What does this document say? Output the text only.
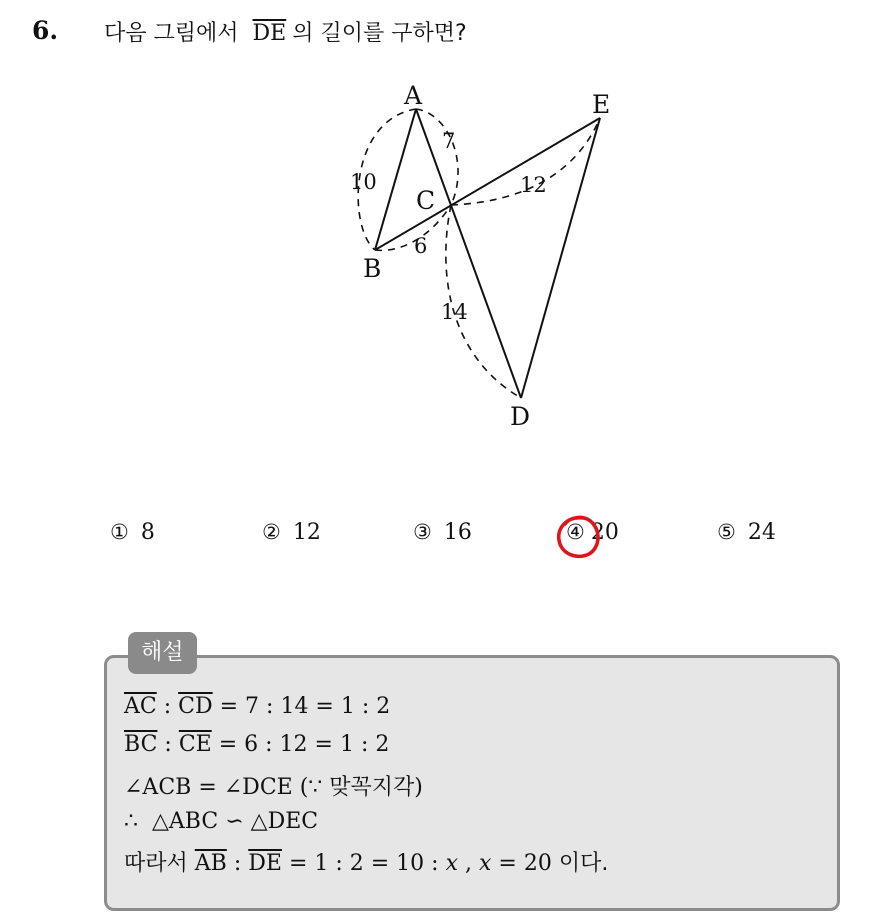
6. 다음 그림에서 $\overline{DE}$ 의 길이를 구하면?
A
B
C
D
E
10
7
6
12
14
① 8	② 12	③ 16	④ 20	⑤ 24
해설
$\overline{AC}$ : $\overline{CD} = 7$ : 14 = 1 : 2
$\overline{BC}$ : $\overline{CE} = 6$ : 12 = 1 : 2
∠ACB = ∠DCE (∵ 맞꼭지각)
∴ △ABC ∽ △DEC
따라서 $\overline{AB}$ : $\overline{DE} = 1$ : 2 = 10 : x , x = 20 이다.
